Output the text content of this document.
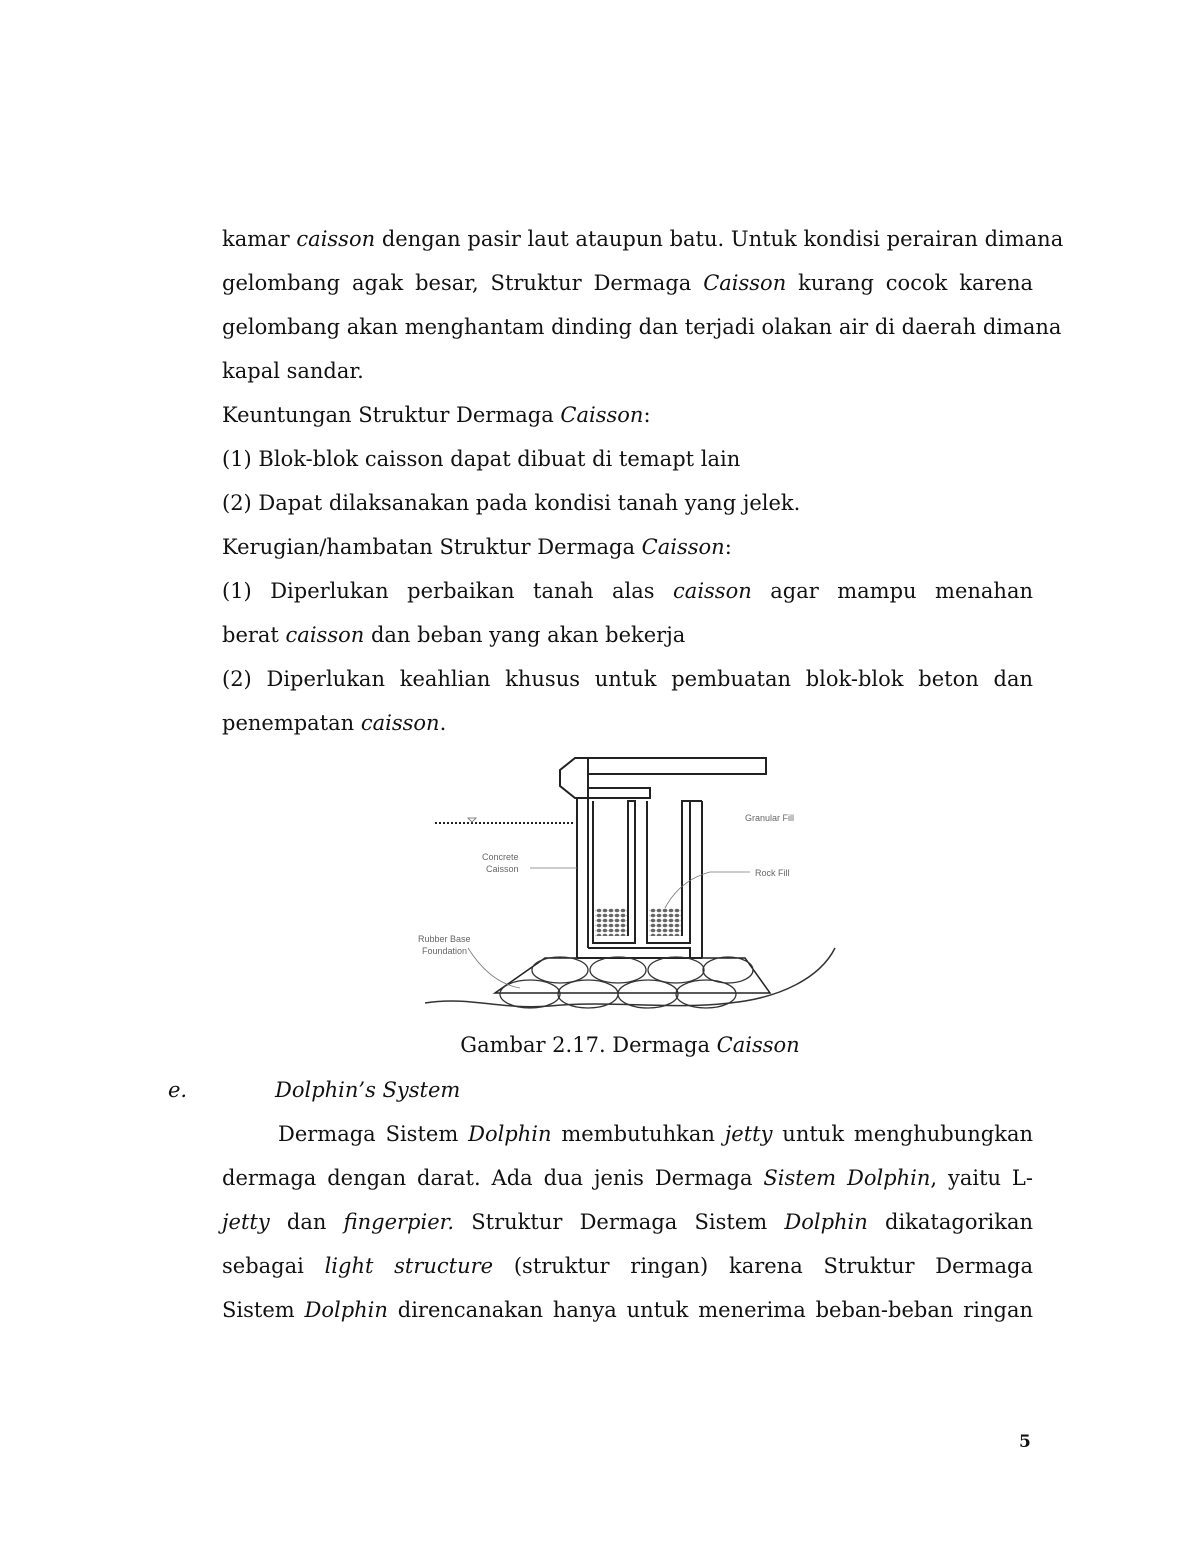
kamar caisson dengan pasir laut ataupun batu. Untuk kondisi perairan dimana
gelombang agak besar, Struktur Dermaga Caisson kurang cocok karena
gelombang akan menghantam dinding dan terjadi olakan air di daerah dimana
kapal sandar.
Keuntungan Struktur Dermaga Caisson:
(1) Blok-blok caisson dapat dibuat di temapt lain
(2) Dapat dilaksanakan pada kondisi tanah yang jelek.
Kerugian/hambatan Struktur Dermaga Caisson:
(1) Diperlukan perbaikan tanah alas caisson agar mampu menahan
berat caisson dan beban yang akan bekerja
(2) Diperlukan keahlian khusus untuk pembuatan blok-blok beton dan
penempatan caisson.
Granular Fill
Concrete
Caisson	Rock Fill
Rubber Base
Foundation
Gambar 2.17. Dermaga Caisson
e.	Dolphin’s System
Dermaga Sistem Dolphin membutuhkan jetty untuk menghubungkan
dermaga dengan darat. Ada dua jenis Dermaga Sistem Dolphin, yaitu L-
jetty dan fingerpier. Struktur Dermaga Sistem Dolphin dikatagorikan
sebagai light structure (struktur ringan) karena Struktur Dermaga
Sistem Dolphin direncanakan hanya untuk menerima beban-beban ringan
5
